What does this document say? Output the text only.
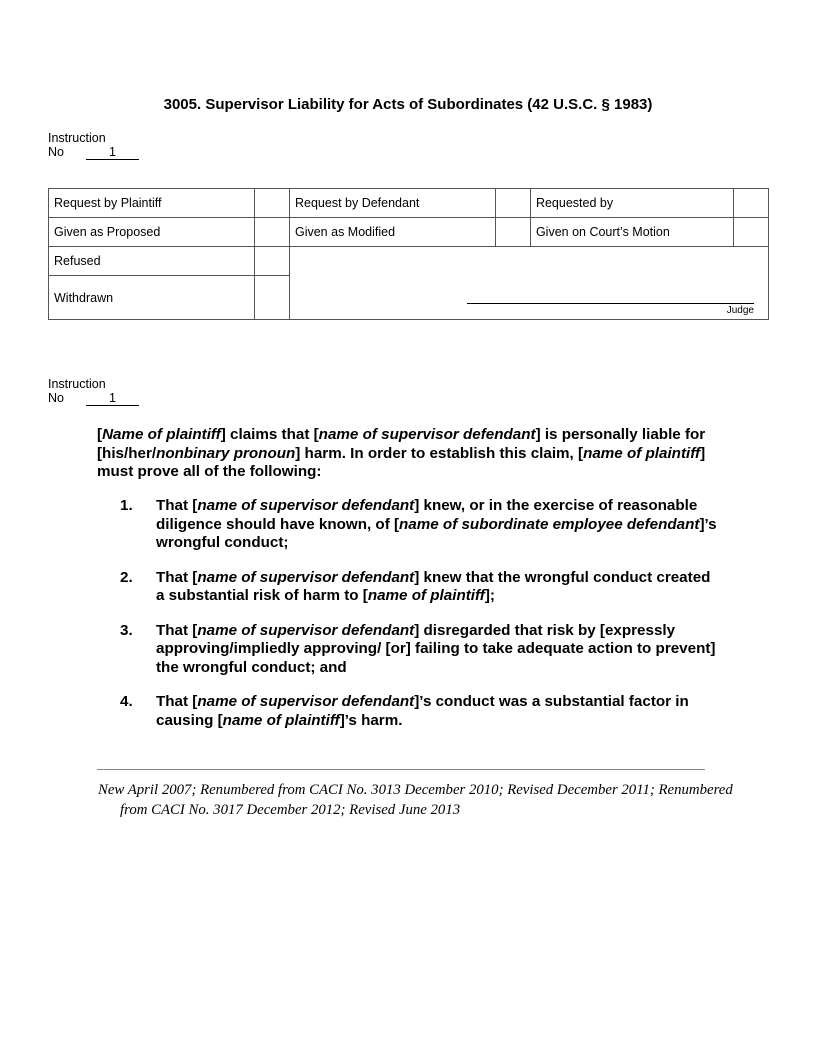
3005. Supervisor Liability for Acts of Subordinates (42 U.S.C. § 1983)
Instruction
No	1
Request by Plaintiff		Request by Defendant		Requested by	
Given as Proposed		Given as Modified		Given on Court’s Motion	
Refused		Judge			

Withdrawn					
Instruction
No	1
[Name of plaintiff] claims that [name of supervisor defendant] is personally liable for [his/her/nonbinary pronoun] harm. In order to establish this claim, [name of plaintiff] must prove all of the following:
1.	That [name of supervisor defendant] knew, or in the exercise of reasonable diligence should have known, of [name of subordinate employee defendant]’s wrongful conduct;
2.	That [name of supervisor defendant] knew that the wrongful conduct created a substantial risk of harm to [name of plaintiff];
3.	That [name of supervisor defendant] disregarded that risk by [expressly approving/impliedly approving/ [or] failing to take adequate action to prevent] the wrongful conduct; and
4.	That [name of supervisor defendant]’s conduct was a substantial factor in causing [name of plaintiff]’s harm.
New April 2007; Renumbered from CACI No. 3013 December 2010; Revised December 2011; Renumbered from CACI No. 3017 December 2012; Revised June 2013
